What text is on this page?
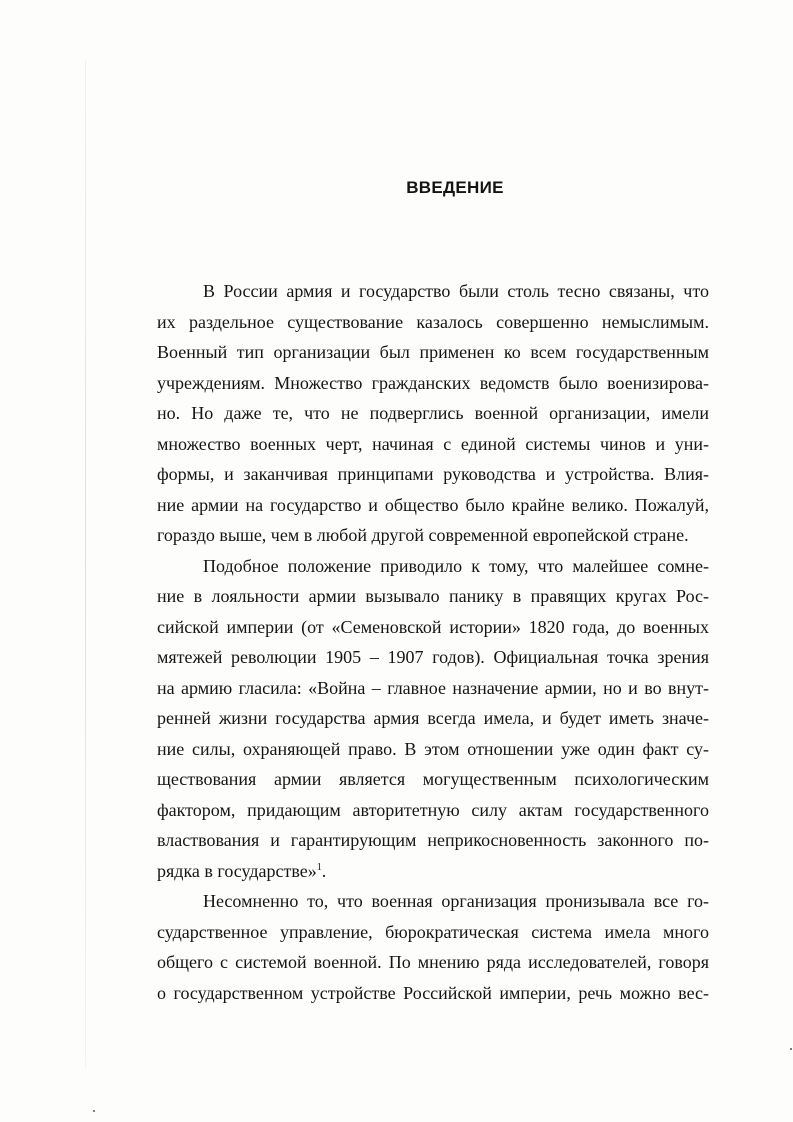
ВВЕДЕНИЕ
В России армия и государство были столь тесно связаны, что
их раздельное существование казалось совершенно немыслимым.
Военный тип организации был применен ко всем государственным
учреждениям. Множество гражданских ведомств было военизирова-
но. Но даже те, что не подверглись военной организации, имели
множество военных черт, начиная с единой системы чинов и уни-
формы, и заканчивая принципами руководства и устройства. Влия-
ние армии на государство и общество было крайне велико. Пожалуй,
гораздо выше, чем в любой другой современной европейской стране.
Подобное положение приводило к тому, что малейшее сомне-
ние в лояльности армии вызывало панику в правящих кругах Рос-
сийской империи (от «Семеновской истории» 1820 года, до военных
мятежей революции 1905 – 1907 годов). Официальная точка зрения
на армию гласила: «Война – главное назначение армии, но и во внут-
ренней жизни государства армия всегда имела, и будет иметь значе-
ние силы, охраняющей право. В этом отношении уже один факт су-
ществования армии является могущественным психологическим
фактором, придающим авторитетную силу актам государственного
властвования и гарантирующим неприкосновенность законного по-
рядка в государстве»$^1$.
Несомненно то, что военная организация пронизывала все го-
сударственное управление, бюрократическая система имела много
общего с системой военной. По мнению ряда исследователей, говоря
о государственном устройстве Российской империи, речь можно вес-
